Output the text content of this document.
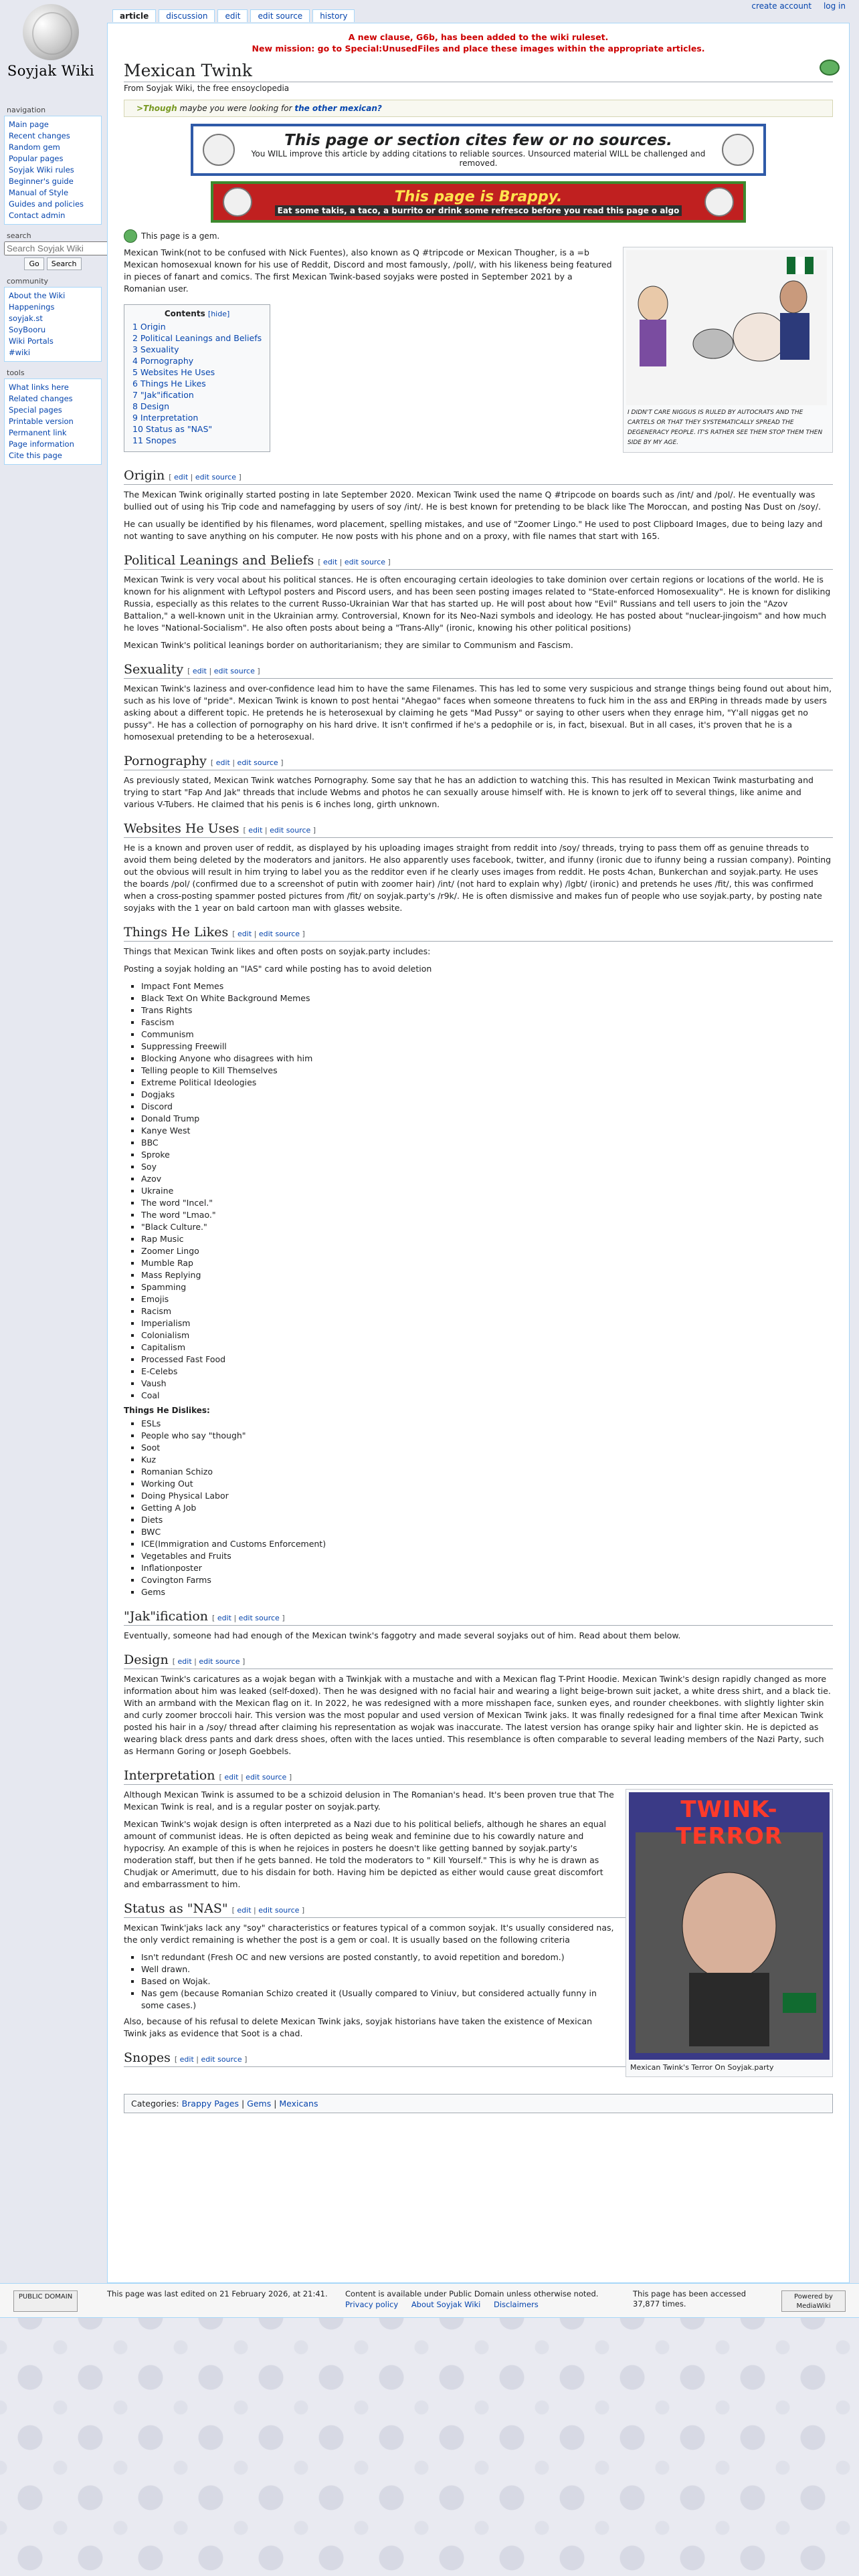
create account log in
Soyjak Wiki
article	discussion	edit	edit source	history
navigation
Main page
Recent changes
Random gem
Popular pages
Soyjak Wiki rules
Beginner's guide
Manual of Style
Guides and policies
Contact admin
search
Search Soyjak Wiki
Go	Search
community
About the Wiki
Happenings
soyjak.st
SoyBooru
Wiki Portals
#wiki
tools
What links here
Related changes
Special pages
Printable version
Permanent link
Page information
Cite this page
A new clause, G6b, has been added to the wiki ruleset.
New mission: go to Special:UnusedFiles and place these images within the appropriate articles.
Mexican Twink
From Soyjak Wiki, the free ensoyclopedia
>Though maybe you were looking for the other mexican?
This page or section cites few or no sources.
You WILL improve this article by adding citations to reliable sources. Unsourced material WILL be challenged and removed.
This page is Brappy.
Eat some takis, a taco, a burrito or drink some refresco before you read this page o algo
This page is a gem.
I DIDN'T CARE NIGGUS IS RULED BY AUTOCRATS AND THE CARTELS OR THAT THEY SYSTEMATICALLY SPREAD THE DEGENERACY PEOPLE. IT'S RATHER SEE THEM STOP THEM THEN SIDE BY MY AGE.

Mexican Twink(not to be confused with Nick Fuentes), also known as Q #tripcode or Mexican Thougher, is a =b Mexican homosexual known for his use of Reddit, Discord and most famously, /poll/, with his likeness being featured in pieces of fanart and comics. The first Mexican Twink-based soyjaks were posted in September 2021 by a Romanian user.

Contents [hide]
1 Origin
2 Political Leanings and Beliefs
3 Sexuality
4 Pornography
5 Websites He Uses
6 Things He Likes
7 "Jak"ification
8 Design
9 Interpretation
10 Status as "NAS"
11 Snopes
Origin [ edit | edit source ]

The Mexican Twink originally started posting in late September 2020. Mexican Twink used the name Q #tripcode on boards such as /int/ and /pol/. He eventually was bullied out of using his Trip code and namefagging by users of soy /int/. He is best known for pretending to be black like The Moroccan, and posting Nas Dust on /soy/.

He can usually be identified by his filenames, word placement, spelling mistakes, and use of "Zoomer Lingo." He used to post Clipboard Images, due to being lazy and not wanting to save anything on his computer. He now posts with his phone and on a proxy, with file names that start with 165.

Political Leanings and Beliefs [ edit | edit source ]

Mexican Twink is very vocal about his political stances. He is often encouraging certain ideologies to take dominion over certain regions or locations of the world. He is known for his alignment with Leftypol posters and Piscord users, and has been seen posting images related to "State-enforced Homosexuality". He is known for disliking Russia, especially as this relates to the current Russo-Ukrainian War that has started up. He will post about how "Evil" Russians and tell users to join the "Azov Battalion," a well-known unit in the Ukrainian army. Controversial, Known for its Neo-Nazi symbols and ideology. He has posted about "nuclear-jingoism" and how much he loves "National-Socialism". He also often posts about being a "Trans-Ally" (ironic, knowing his other political positions)

Mexican Twink's political leanings border on authoritarianism; they are similar to Communism and Fascism.

Sexuality [ edit | edit source ]

Mexican Twink's laziness and over-confidence lead him to have the same Filenames. This has led to some very suspicious and strange things being found out about him, such as his love of "pride". Mexican Twink is known to post hentai "Ahegao" faces when someone threatens to fuck him in the ass and ERPing in threads made by users asking about a different topic. He pretends he is heterosexual by claiming he gets "Mad Pussy" or saying to other users when they enrage him, "Y'all niggas get no pussy". He has a collection of pornography on his hard drive. It isn't confirmed if he's a pedophile or is, in fact, bisexual. But in all cases, it's proven that he is a homosexual pretending to be a heterosexual.

Pornography [ edit | edit source ]

As previously stated, Mexican Twink watches Pornography. Some say that he has an addiction to watching this. This has resulted in Mexican Twink masturbating and trying to start "Fap And Jak" threads that include Webms and photos he can sexually arouse himself with. He is known to jerk off to several things, like anime and various V-Tubers. He claimed that his penis is 6 inches long, girth unknown.

Websites He Uses [ edit | edit source ]

He is a known and proven user of reddit, as displayed by his uploading images straight from reddit into /soy/ threads, trying to pass them off as genuine threads to avoid them being deleted by the moderators and janitors. He also apparently uses facebook, twitter, and ifunny (ironic due to ifunny being a russian company). Pointing out the obvious will result in him trying to label you as the redditor even if he clearly uses images from reddit. He posts 4chan, Bunkerchan and soyjak.party. He uses the boards /pol/ (confirmed due to a screenshot of putin with zoomer hair) /int/ (not hard to explain why) /lgbt/ (ironic) and pretends he uses /fit/, this was confirmed when a cross-posting spammer posted pictures from /fit/ on soyjak.party's /r9k/. He is often dismissive and makes fun of people who use soyjak.party, by posting nate soyjaks with the 1 year on bald cartoon man with glasses website.

Things He Likes [ edit | edit source ]

Things that Mexican Twink likes and often posts on soyjak.party includes:

Posting a soyjak holding an "IAS" card while posting has to avoid deletion

▪ Impact Font Memes
▪ Black Text On White Background Memes
▪ Trans Rights
▪ Fascism
▪ Communism
▪ Suppressing Freewill
▪ Blocking Anyone who disagrees with him
▪ Telling people to Kill Themselves
▪ Extreme Political Ideologies
▪ Dogjaks
▪ Discord
▪ Donald Trump
▪ Kanye West
▪ BBC
▪ Sproke
▪ Soy
▪ Azov
▪ Ukraine
▪ The word "Incel."
▪ The word "Lmao."
▪ "Black Culture."
▪ Rap Music
▪ Zoomer Lingo
▪ Mumble Rap
▪ Mass Replying
▪ Spamming
▪ Emojis
▪ Racism
▪ Imperialism
▪ Colonialism
▪ Capitalism
▪ Processed Fast Food
▪ E-Celebs
▪ Vaush
▪ Coal
Things He Dislikes:
▪ ESLs
▪ People who say "though"
▪ Soot
▪ Kuz
▪ Romanian Schizo
▪ Working Out
▪ Doing Physical Labor
▪ Getting A Job
▪ Diets
▪ BWC
▪ ICE(Immigration and Customs Enforcement)
▪ Vegetables and Fruits
▪ Inflationposter
▪ Covington Farms
▪ Gems
"Jak"ification [ edit | edit source ]

Eventually, someone had had enough of the Mexican twink's faggotry and made several soyjaks out of him. Read about them below.

Design [ edit | edit source ]

Mexican Twink's caricatures as a wojak began with a Twinkjak with a mustache and with a Mexican flag T-Print Hoodie. Mexican Twink's design rapidly changed as more information about him was leaked (self-doxed). Then he was designed with no facial hair and wearing a light beige-brown suit jacket, a white dress shirt, and a black tie. With an armband with the Mexican flag on it. In 2022, he was redesigned with a more misshapen face, sunken eyes, and rounder cheekbones. with slightly lighter skin and curly zoomer broccoli hair. This version was the most popular and used version of Mexican Twink jaks. It was finally redesigned for a final time after Mexican Twink posted his hair in a /soy/ thread after claiming his representation as wojak was inaccurate. The latest version has orange spiky hair and lighter skin. He is depicted as wearing black dress pants and dark dress shoes, often with the laces untied. This resemblance is often comparable to several leading members of the Nazi Party, such as Hermann Goring or Joseph Goebbels.

Interpretation [ edit | edit source ]
TWINK-TERROR
Mexican Twink's Terror On Soyjak.party

Although Mexican Twink is assumed to be a schizoid delusion in The Romanian's head. It's been proven true that The Mexican Twink is real, and is a regular poster on soyjak.party.

Mexican Twink's wojak design is often interpreted as a Nazi due to his political beliefs, although he shares an equal amount of communist ideas. He is often depicted as being weak and feminine due to his cowardly nature and hypocrisy. An example of this is when he rejoices in posters he doesn't like getting banned by soyjak.party's moderation staff, but then if he gets banned. He told the moderators to " Kill Yourself." This is why he is drawn as Chudjak or Amerimutt, due to his disdain for both. Having him be depicted as either would cause great discomfort and embarrassment to him.

Status as "NAS" [ edit | edit source ]

Mexican Twink'jaks lack any "soy" characteristics or features typical of a common soyjak. It's usually considered nas, the only verdict remaining is whether the post is a gem or coal. It is usually based on the following criteria

▪ Isn't redundant (Fresh OC and new versions are posted constantly, to avoid repetition and boredom.)
▪ Well drawn.
▪ Based on Wojak.
▪ Nas gem (because Romanian Schizo created it (Usually compared to Viniuv, but considered actually funny in some cases.)

Also, because of his refusal to delete Mexican Twink jaks, soyjak historians have taken the existence of Mexican Twink jaks as evidence that Soot is a chad.

Snopes [ edit | edit source ]
Categories: Brappy Pages | Gems | Mexicans
PUBLIC DOMAIN	This page was last edited on 21 February 2026, at 21:41. Content is available under Public Domain unless otherwise noted.
Privacy policy About Soyjak Wiki Disclaimers
This page has been accessed 37,877 times.
Powered by MediaWiki
